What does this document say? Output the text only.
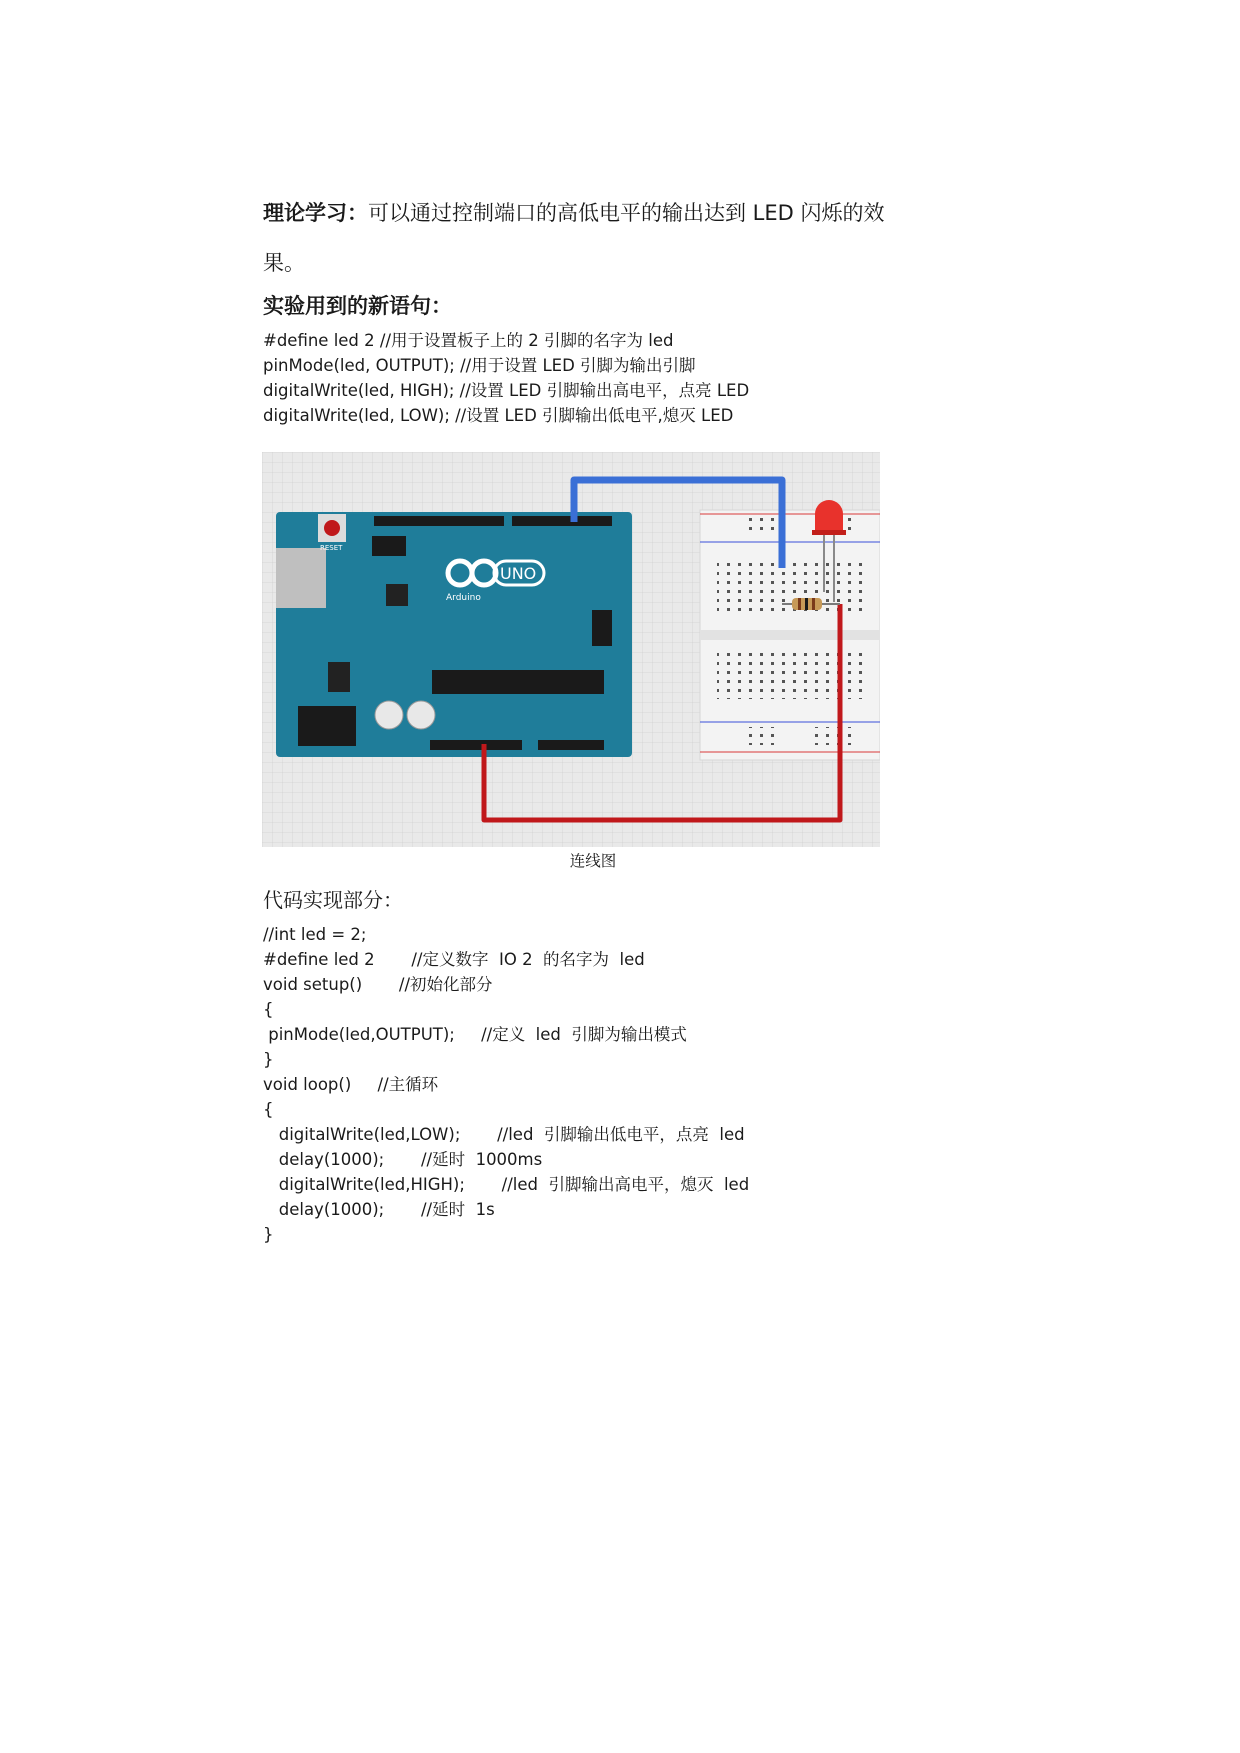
理论学习：可以通过控制端口的高低电平的输出达到 LED 闪烁的效
果。
实验用到的新语句：
#define led 2 //用于设置板子上的 2 引脚的名字为 led
pinMode(led, OUTPUT); //用于设置 LED 引脚为输出引脚
digitalWrite(led, HIGH); //设置 LED 引脚输出高电平，点亮 LED
digitalWrite(led, LOW); //设置 LED 引脚输出低电平,熄灭 LED
RESET
UNO
Arduino
连线图
代码实现部分：
//int led = 2;
#define led 2       //定义数字  IO 2  的名字为  led
void setup()       //初始化部分
{
pinMode(led,OUTPUT);     //定义  led  引脚为输出模式
}
void loop()     //主循环
{
digitalWrite(led,LOW);       //led  引脚输出低电平，点亮  led
delay(1000);       //延时  1000ms
digitalWrite(led,HIGH);       //led  引脚输出高电平，熄灭  led
delay(1000);       //延时  1s
}
